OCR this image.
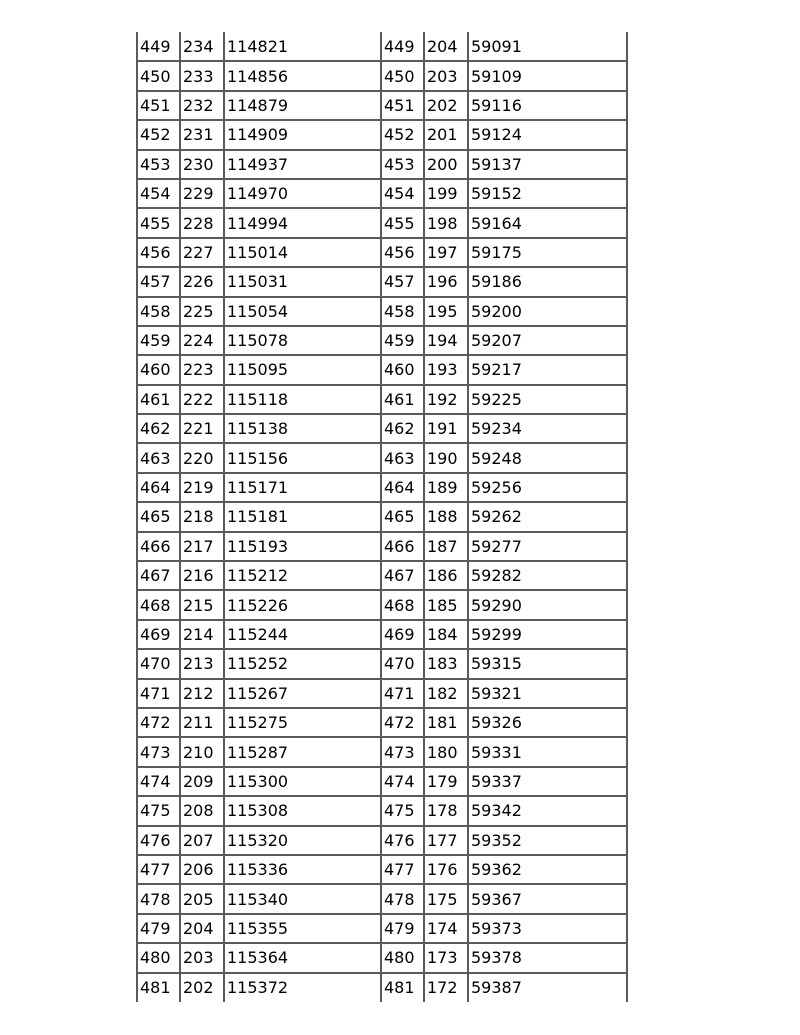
449	234	114821	449	204	59091
450	233	114856	450	203	59109
451	232	114879	451	202	59116
452	231	114909	452	201	59124
453	230	114937	453	200	59137
454	229	114970	454	199	59152
455	228	114994	455	198	59164
456	227	115014	456	197	59175
457	226	115031	457	196	59186
458	225	115054	458	195	59200
459	224	115078	459	194	59207
460	223	115095	460	193	59217
461	222	115118	461	192	59225
462	221	115138	462	191	59234
463	220	115156	463	190	59248
464	219	115171	464	189	59256
465	218	115181	465	188	59262
466	217	115193	466	187	59277
467	216	115212	467	186	59282
468	215	115226	468	185	59290
469	214	115244	469	184	59299
470	213	115252	470	183	59315
471	212	115267	471	182	59321
472	211	115275	472	181	59326
473	210	115287	473	180	59331
474	209	115300	474	179	59337
475	208	115308	475	178	59342
476	207	115320	476	177	59352
477	206	115336	477	176	59362
478	205	115340	478	175	59367
479	204	115355	479	174	59373
480	203	115364	480	173	59378
481	202	115372	481	172	59387
